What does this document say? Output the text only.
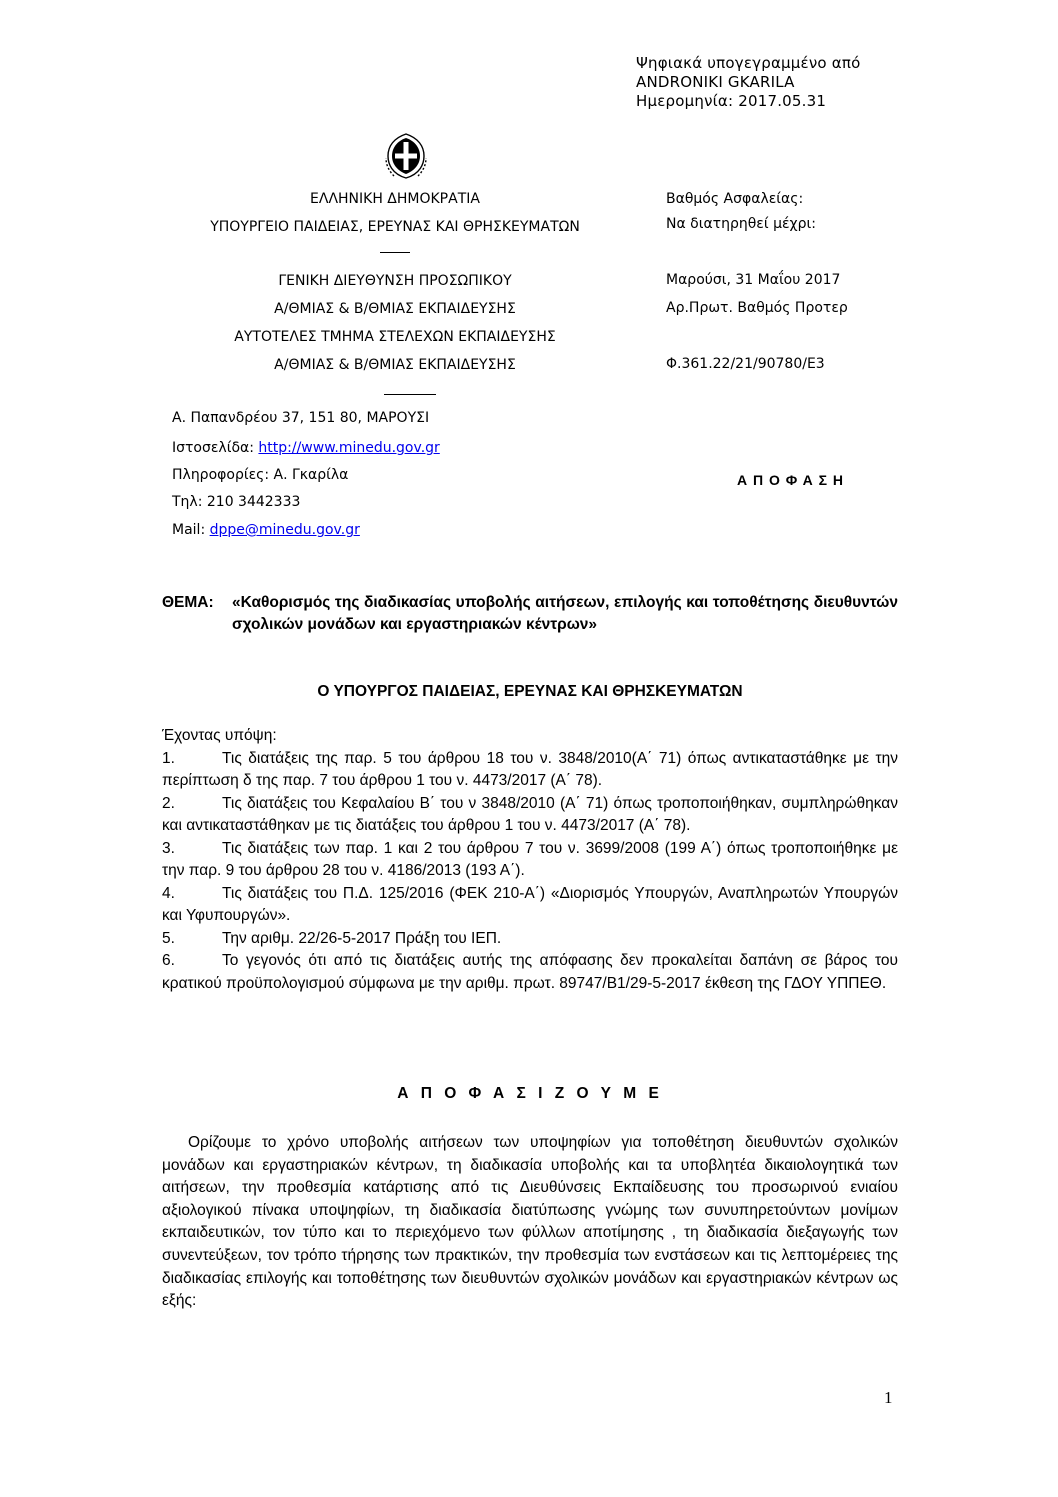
Ψηφιακά υπογεγραμμένο από
ANDRONIKI GKARILA
Ημερομηνία: 2017.05.31
ΕΛΛΗΝΙΚΗ ΔΗΜΟΚΡΑΤΙΑ
ΥΠΟΥΡΓΕΙΟ ΠΑΙΔΕΙΑΣ, ΕΡΕΥΝΑΣ ΚΑΙ ΘΡΗΣΚΕΥΜΑΤΩΝ
ΓΕΝΙΚΗ ΔΙΕΥΘΥΝΣΗ ΠΡΟΣΩΠΙΚΟΥ
Α/ΘΜΙΑΣ & Β/ΘΜΙΑΣ ΕΚΠΑΙΔΕΥΣΗΣ
ΑΥΤΟΤΕΛΕΣ ΤΜΗΜΑ ΣΤΕΛΕΧΩΝ ΕΚΠΑΙΔΕΥΣΗΣ
Α/ΘΜΙΑΣ & Β/ΘΜΙΑΣ ΕΚΠΑΙΔΕΥΣΗΣ
Βαθμός Ασφαλείας:
Να διατηρηθεί μέχρι:
Μαρούσι, 31 Μαΐου 2017
Αρ.Πρωτ. Βαθμός Προτερ
Φ.361.22/21/90780/Ε3
Α. Παπανδρέου 37, 151 80, ΜΑΡΟΥΣΙ
Ιστοσελίδα: http://www.minedu.gov.gr
Πληροφορίες: Α. Γκαρίλα
Τηλ: 210 3442333
Mail: dppe@minedu.gov.gr
Α Π Ο Φ Α Σ Η
ΘΕΜΑ: «Καθορισμός της διαδικασίας υποβολής αιτήσεων, επιλογής και τοποθέτησης διευθυντών σχολικών μονάδων και εργαστηριακών κέντρων»
Ο ΥΠΟΥΡΓΟΣ ΠΑΙΔΕΙΑΣ, ΕΡΕΥΝΑΣ ΚΑΙ ΘΡΗΣΚΕΥΜΑΤΩΝ
Έχοντας υπόψη:
1.	Τις διατάξεις της παρ. 5 του άρθρου 18 του ν. 3848/2010(Α΄ 71) όπως αντικαταστάθηκε με την περίπτωση δ της παρ. 7 του άρθρου 1 του ν. 4473/2017 (Α΄ 78).
2.	Τις διατάξεις του Κεφαλαίου Β΄ του ν 3848/2010 (Α΄ 71) όπως τροποποιήθηκαν, συμπληρώθηκαν και αντικαταστάθηκαν με τις διατάξεις του άρθρου 1 του ν. 4473/2017 (Α΄ 78).
3.	Τις διατάξεις των παρ. 1 και 2 του άρθρου 7 του ν. 3699/2008 (199 Α΄) όπως τροποποιήθηκε με την παρ. 9 του άρθρου 28 του ν. 4186/2013 (193 Α΄).
4.	Τις διατάξεις του Π.Δ. 125/2016 (ΦΕΚ 210-Α΄) «Διορισμός Υπουργών, Αναπληρωτών Υπουργών και Υφυπουργών».
5.	Την αριθμ. 22/26-5-2017 Πράξη του ΙΕΠ.
6.	Το γεγονός ότι από τις διατάξεις αυτής της απόφασης δεν προκαλείται δαπάνη σε βάρος του κρατικού προϋπολογισμού σύμφωνα με την αριθμ. πρωτ. 89747/Β1/29-5-2017 έκθεση της ΓΔΟΥ ΥΠΠΕΘ.
Α Π Ο Φ Α Σ Ι Ζ Ο Υ Μ Ε
Ορίζουμε το χρόνο υποβολής αιτήσεων των υποψηφίων για τοποθέτηση διευθυντών σχολικών μονάδων και εργαστηριακών κέντρων, τη διαδικασία υποβολής και τα υποβλητέα δικαιολογητικά των αιτήσεων, την προθεσμία κατάρτισης από τις Διευθύνσεις Εκπαίδευσης του προσωρινού ενιαίου αξιολογικού πίνακα υποψηφίων, τη διαδικασία διατύπωσης γνώμης των συνυπηρετούντων μονίμων εκπαιδευτικών, τον τύπο και το περιεχόμενο των φύλλων αποτίμησης , τη διαδικασία διεξαγωγής των συνεντεύξεων, τον τρόπο τήρησης των πρακτικών, την προθεσμία των ενστάσεων και τις λεπτομέρειες της διαδικασίας επιλογής και τοποθέτησης των διευθυντών σχολικών μονάδων και εργαστηριακών κέντρων ως εξής:
1
